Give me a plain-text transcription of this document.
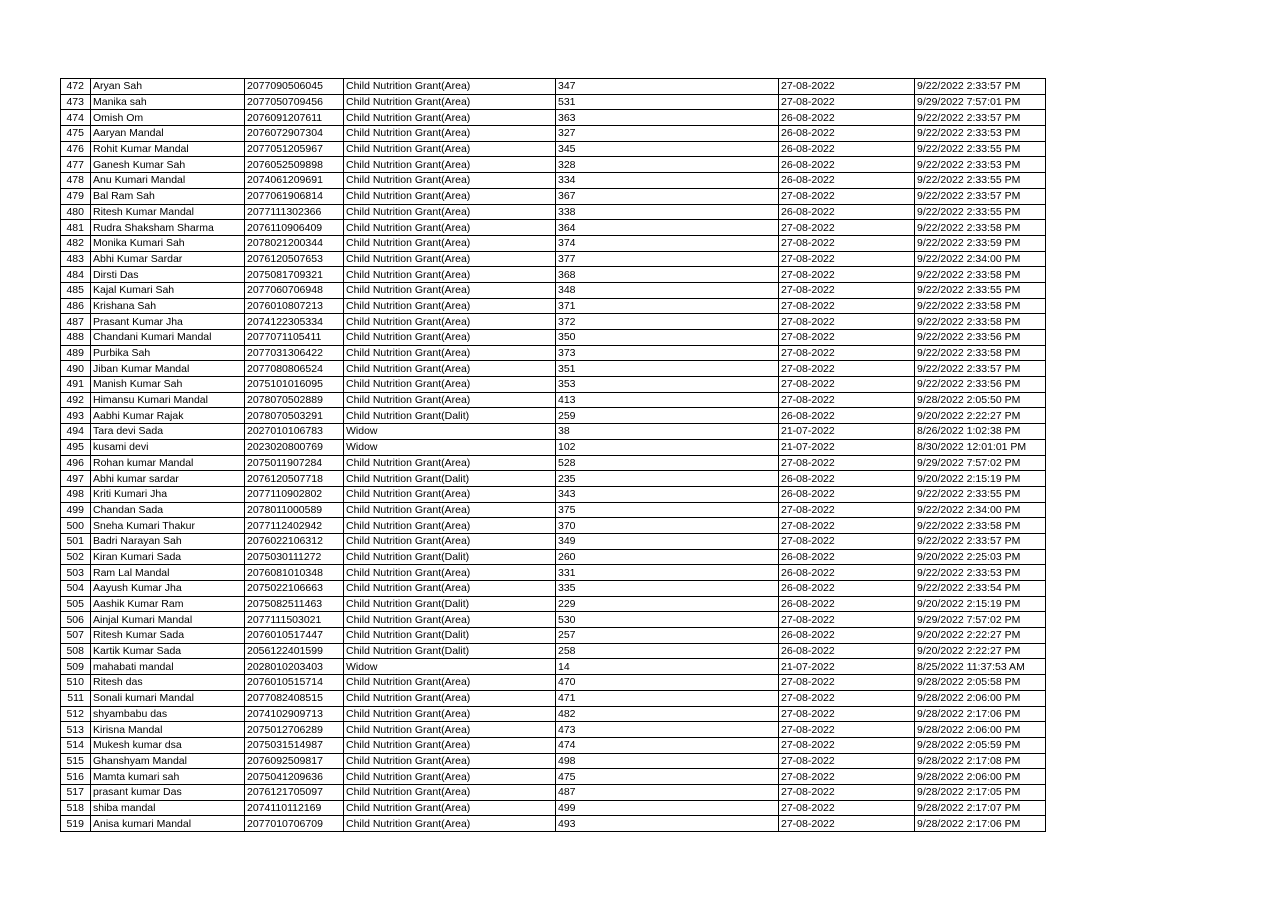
472	Aryan Sah	2077090506045	Child Nutrition Grant(Area)	347	27-08-2022	9/22/2022 2:33:57 PM
473	Manika sah	2077050709456	Child Nutrition Grant(Area)	531	27-08-2022	9/29/2022 7:57:01 PM
474	Omish Om	2076091207611	Child Nutrition Grant(Area)	363	26-08-2022	9/22/2022 2:33:57 PM
475	Aaryan Mandal	2076072907304	Child Nutrition Grant(Area)	327	26-08-2022	9/22/2022 2:33:53 PM
476	Rohit Kumar Mandal	2077051205967	Child Nutrition Grant(Area)	345	26-08-2022	9/22/2022 2:33:55 PM
477	Ganesh Kumar Sah	2076052509898	Child Nutrition Grant(Area)	328	26-08-2022	9/22/2022 2:33:53 PM
478	Anu Kumari Mandal	2074061209691	Child Nutrition Grant(Area)	334	26-08-2022	9/22/2022 2:33:55 PM
479	Bal Ram Sah	2077061906814	Child Nutrition Grant(Area)	367	27-08-2022	9/22/2022 2:33:57 PM
480	Ritesh Kumar Mandal	2077111302366	Child Nutrition Grant(Area)	338	26-08-2022	9/22/2022 2:33:55 PM
481	Rudra Shaksham Sharma	2076110906409	Child Nutrition Grant(Area)	364	27-08-2022	9/22/2022 2:33:58 PM
482	Monika Kumari Sah	2078021200344	Child Nutrition Grant(Area)	374	27-08-2022	9/22/2022 2:33:59 PM
483	Abhi Kumar Sardar	2076120507653	Child Nutrition Grant(Area)	377	27-08-2022	9/22/2022 2:34:00 PM
484	Dirsti Das	2075081709321	Child Nutrition Grant(Area)	368	27-08-2022	9/22/2022 2:33:58 PM
485	Kajal Kumari Sah	2077060706948	Child Nutrition Grant(Area)	348	27-08-2022	9/22/2022 2:33:55 PM
486	Krishana Sah	2076010807213	Child Nutrition Grant(Area)	371	27-08-2022	9/22/2022 2:33:58 PM
487	Prasant Kumar Jha	2074122305334	Child Nutrition Grant(Area)	372	27-08-2022	9/22/2022 2:33:58 PM
488	Chandani Kumari Mandal	2077071105411	Child Nutrition Grant(Area)	350	27-08-2022	9/22/2022 2:33:56 PM
489	Purbika Sah	2077031306422	Child Nutrition Grant(Area)	373	27-08-2022	9/22/2022 2:33:58 PM
490	Jiban Kumar Mandal	2077080806524	Child Nutrition Grant(Area)	351	27-08-2022	9/22/2022 2:33:57 PM
491	Manish Kumar Sah	2075101016095	Child Nutrition Grant(Area)	353	27-08-2022	9/22/2022 2:33:56 PM
492	Himansu Kumari Mandal	2078070502889	Child Nutrition Grant(Area)	413	27-08-2022	9/28/2022 2:05:50 PM
493	Aabhi Kumar Rajak	2078070503291	Child Nutrition Grant(Dalit)	259	26-08-2022	9/20/2022 2:22:27 PM
494	Tara devi Sada	2027010106783	Widow	38	21-07-2022	8/26/2022 1:02:38 PM
495	kusami devi	2023020800769	Widow	102	21-07-2022	8/30/2022 12:01:01 PM
496	Rohan kumar Mandal	2075011907284	Child Nutrition Grant(Area)	528	27-08-2022	9/29/2022 7:57:02 PM
497	Abhi kumar sardar	2076120507718	Child Nutrition Grant(Dalit)	235	26-08-2022	9/20/2022 2:15:19 PM
498	Kriti Kumari Jha	2077110902802	Child Nutrition Grant(Area)	343	26-08-2022	9/22/2022 2:33:55 PM
499	Chandan Sada	2078011000589	Child Nutrition Grant(Area)	375	27-08-2022	9/22/2022 2:34:00 PM
500	Sneha Kumari Thakur	2077112402942	Child Nutrition Grant(Area)	370	27-08-2022	9/22/2022 2:33:58 PM
501	Badri Narayan Sah	2076022106312	Child Nutrition Grant(Area)	349	27-08-2022	9/22/2022 2:33:57 PM
502	Kiran Kumari Sada	2075030111272	Child Nutrition Grant(Dalit)	260	26-08-2022	9/20/2022 2:25:03 PM
503	Ram Lal Mandal	2076081010348	Child Nutrition Grant(Area)	331	26-08-2022	9/22/2022 2:33:53 PM
504	Aayush Kumar Jha	2075022106663	Child Nutrition Grant(Area)	335	26-08-2022	9/22/2022 2:33:54 PM
505	Aashik Kumar Ram	2075082511463	Child Nutrition Grant(Dalit)	229	26-08-2022	9/20/2022 2:15:19 PM
506	Ainjal Kumari Mandal	2077111503021	Child Nutrition Grant(Area)	530	27-08-2022	9/29/2022 7:57:02 PM
507	Ritesh Kumar Sada	2076010517447	Child Nutrition Grant(Dalit)	257	26-08-2022	9/20/2022 2:22:27 PM
508	Kartik Kumar Sada	2056122401599	Child Nutrition Grant(Dalit)	258	26-08-2022	9/20/2022 2:22:27 PM
509	mahabati mandal	2028010203403	Widow	14	21-07-2022	8/25/2022 11:37:53 AM
510	Ritesh das	2076010515714	Child Nutrition Grant(Area)	470	27-08-2022	9/28/2022 2:05:58 PM
511	Sonali kumari Mandal	2077082408515	Child Nutrition Grant(Area)	471	27-08-2022	9/28/2022 2:06:00 PM
512	shyambabu das	2074102909713	Child Nutrition Grant(Area)	482	27-08-2022	9/28/2022 2:17:06 PM
513	Kirisna Mandal	2075012706289	Child Nutrition Grant(Area)	473	27-08-2022	9/28/2022 2:06:00 PM
514	Mukesh kumar dsa	2075031514987	Child Nutrition Grant(Area)	474	27-08-2022	9/28/2022 2:05:59 PM
515	Ghanshyam Mandal	2076092509817	Child Nutrition Grant(Area)	498	27-08-2022	9/28/2022 2:17:08 PM
516	Mamta kumari sah	2075041209636	Child Nutrition Grant(Area)	475	27-08-2022	9/28/2022 2:06:00 PM
517	prasant kumar Das	2076121705097	Child Nutrition Grant(Area)	487	27-08-2022	9/28/2022 2:17:05 PM
518	shiba mandal	2074110112169	Child Nutrition Grant(Area)	499	27-08-2022	9/28/2022 2:17:07 PM
519	Anisa kumari Mandal	2077010706709	Child Nutrition Grant(Area)	493	27-08-2022	9/28/2022 2:17:06 PM
